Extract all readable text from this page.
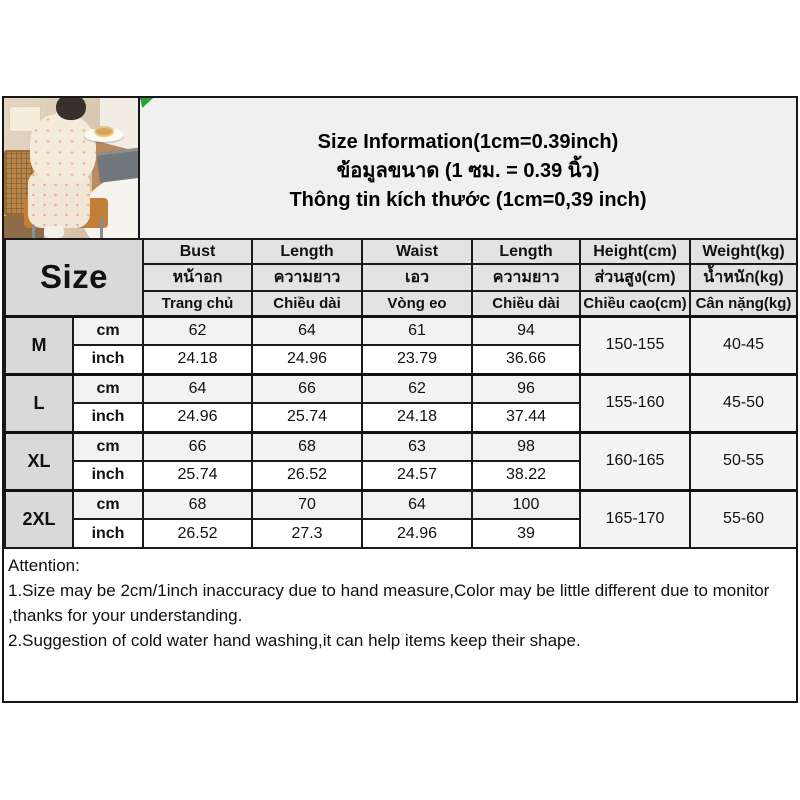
Size Information(1cm=0.39inch)
ข้อมูลขนาด (1 ซม. = 0.39 นิ้ว)
Thông tin kích thước (1cm=0,39 inch)
Size		Bust	Length	Waist	Length	Height(cm)	Weight(kg)
		หน้าอก	ความยาว	เอว	ความยาว	ส่วนสูง(cm)	น้ำหนัก(kg)
		Trang chủ	Chiều dài	Vòng eo	Chiều dài	Chiều cao(cm)	Cân nặng(kg)
M	cm	62	64	61	94	150-155	40-45
	inch	24.18	24.96	23.79	36.66		
L	cm	64	66	62	96	155-160	45-50
	inch	24.96	25.74	24.18	37.44		
XL	cm	66	68	63	98	160-165	50-55
	inch	25.74	26.52	24.57	38.22		
2XL	cm	68	70	64	100	165-170	55-60
	inch	26.52	27.3	24.96	39		
Attention:
1.Size may be 2cm/1inch inaccuracy due to hand measure,Color may be little different due to monitor ,thanks for your understanding.
2.Suggestion of cold water hand washing,it can help items keep their shape.
